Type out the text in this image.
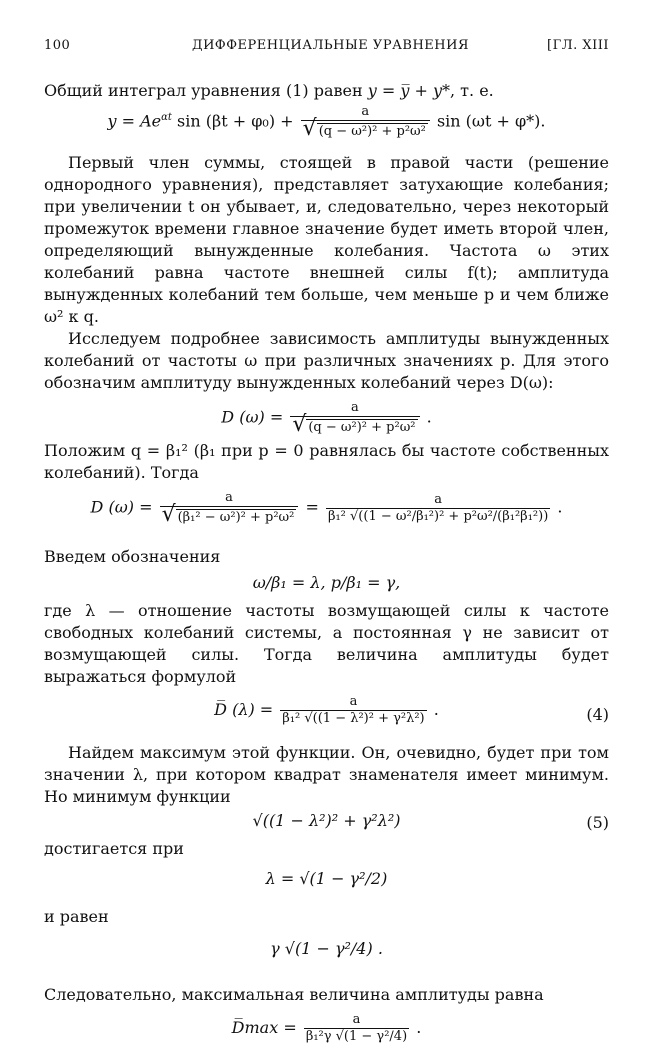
100	ДИФФЕРЕНЦИАЛЬНЫЕ УРАВНЕНИЯ	[ГЛ. XIII

Общий интеграл уравнения (1) равен y = y̅ + y*, т. е.

$y = Ae^{\alpha t}$ $\sin (\beta t + \varphi_0) + \frac{a}{\text{√ (q − ω²)² + p²ω²}}$ sin (ωt + φ*).

Первый член суммы, стоящей в правой части (решение однородного уравнения), представляет затухающие колебания; при увеличении t он убывает, и, следовательно, через некоторый промежуток времени главное значение будет иметь второй член, определяющий вынужденные колебания. Частота ω этих колебаний равна частоте внешней силы f(t); амплитуда вынужденных колебаний тем больше, чем меньше p и чем ближе ω² к q.

Исследуем подробнее зависимость амплитуды вынужденных колебаний от частоты ω при различных значениях p. Для этого обозначим амплитуду вынужденных колебаний через D(ω):

D $(\omega) = \frac{a}{\text{√ (q − ω²)² + p²ω²}}$ .

Положим q = β₁² (β₁ при p = 0 равнялась бы частоте собственных колебаний). Тогда

D $(\omega) = \frac{a}{\text{√ (β₁² − ω²)² + p²ω²}} = \frac{a}{\text{β₁² √((1 − ω²/β₁²)² + p²ω²/(β₁²β₁²))}}$ .

Введем обозначения

ω/β₁ = λ, p/β₁ = γ,

где λ — отношение частоты возмущающей силы к частоте свободных колебаний системы, а постоянная γ не зависит от возмущающей силы. Тогда величина амплитуды будет выражаться формулой

D̅ $(\lambda) = \frac{a}{\text{β₁² √((1 − λ²)² + γ²λ²)}}$ .	(4)

Найдем максимум этой функции. Он, очевидно, будет при том значении λ, при котором квадрат знаменателя имеет минимум. Но минимум функции

√((1 − λ²)² + γ²λ²)	(5)

достигается при

λ = √(1 − γ²/2)

и равен

γ √(1 − γ²/4) .

Следовательно, максимальная величина амплитуды равна

D̅max = $\frac{a}{\text{β₁²γ √(1 − γ²/4)}}$ .
